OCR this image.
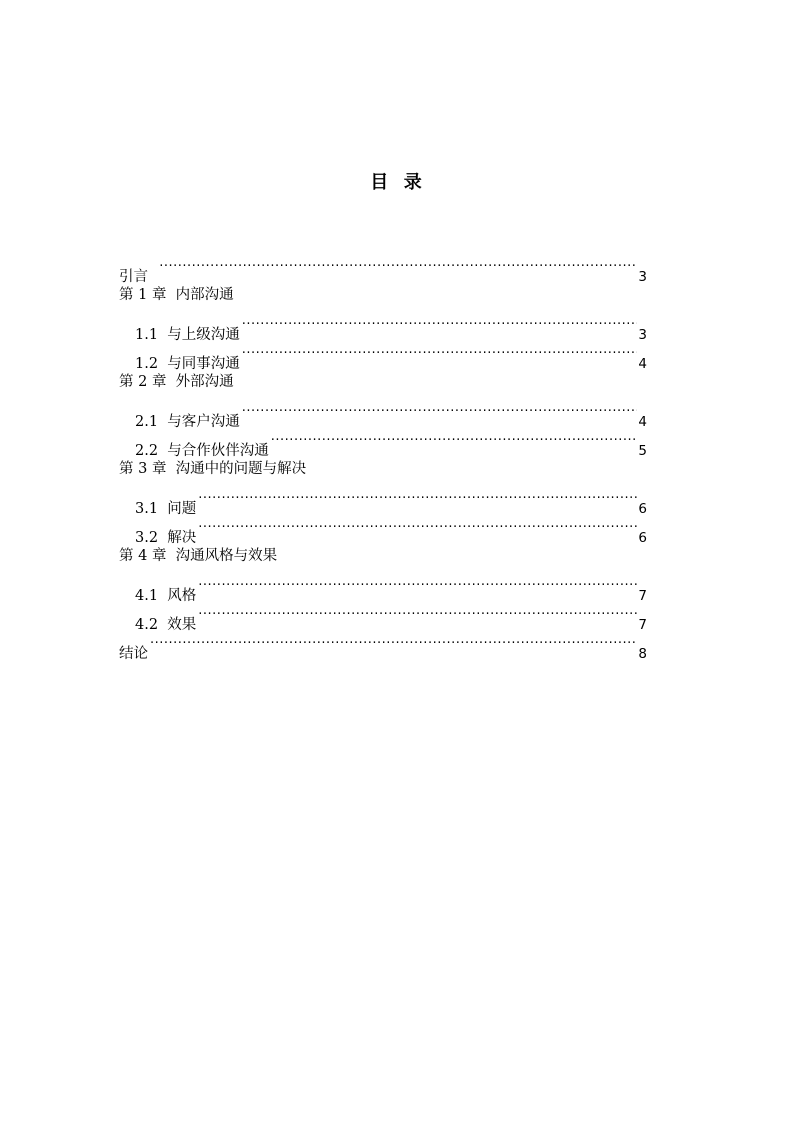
目  录
引言 ·····	3
第 1 章  内部沟通
1.1  与上级沟通 ·····	3
1.2  与同事沟通 ·····	4
第 2 章  外部沟通
2.1  与客户沟通 ·····	4
2.2  与合作伙伴沟通 ·····	5
第 3 章  沟通中的问题与解决
3.1  问题 ·····	6
3.2  解决 ·····	6
第 4 章  沟通风格与效果
4.1  风格 ·····	7
4.2  效果 ·····	7
结论 ·····	8
